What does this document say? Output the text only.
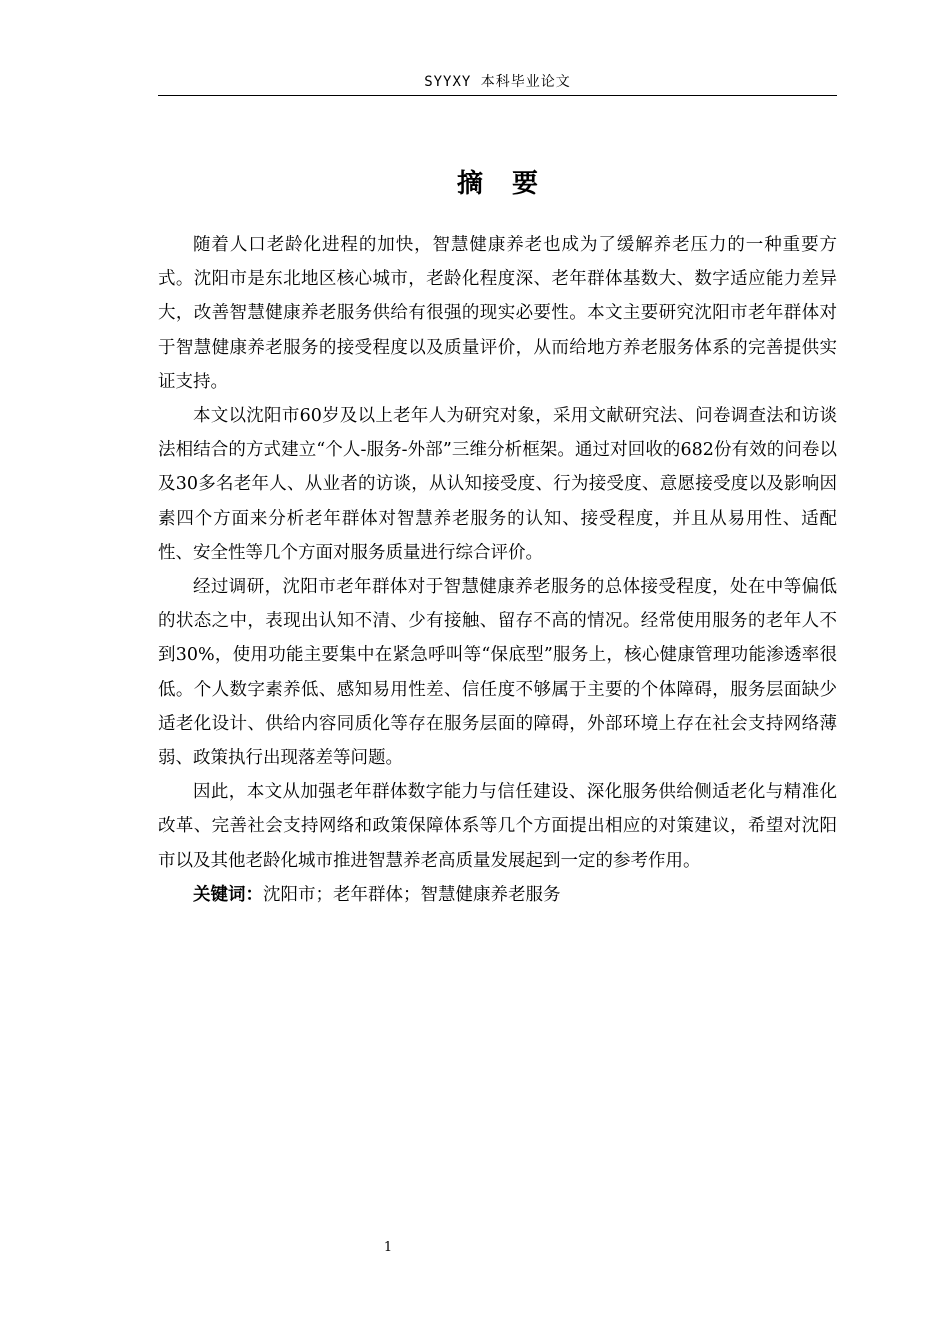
SYYXY 本科毕业论文
摘 要

随着人口老龄化进程的加快，智慧健康养老也成为了缓解养老压力的一种重要方式。沈阳市是东北地区核心城市，老龄化程度深、老年群体基数大、数字适应能力差异大，改善智慧健康养老服务供给有很强的现实必要性。本文主要研究沈阳市老年群体对于智慧健康养老服务的接受程度以及质量评价，从而给地方养老服务体系的完善提供实证支持。

本文以沈阳市60岁及以上老年人为研究对象，采用文献研究法、问卷调查法和访谈法相结合的方式建立“个人-服务-外部”三维分析框架。通过对回收的682份有效的问卷以及30多名老年人、从业者的访谈，从认知接受度、行为接受度、意愿接受度以及影响因素四个方面来分析老年群体对智慧养老服务的认知、接受程度，并且从易用性、适配性、安全性等几个方面对服务质量进行综合评价。

经过调研，沈阳市老年群体对于智慧健康养老服务的总体接受程度，处在中等偏低的状态之中，表现出认知不清、少有接触、留存不高的情况。经常使用服务的老年人不到30%，使用功能主要集中在紧急呼叫等“保底型”服务上，核心健康管理功能渗透率很低。个人数字素养低、感知易用性差、信任度不够属于主要的个体障碍，服务层面缺少适老化设计、供给内容同质化等存在服务层面的障碍，外部环境上存在社会支持网络薄弱、政策执行出现落差等问题。

因此，本文从加强老年群体数字能力与信任建设、深化服务供给侧适老化与精准化改革、完善社会支持网络和政策保障体系等几个方面提出相应的对策建议，希望对沈阳市以及其他老龄化城市推进智慧养老高质量发展起到一定的参考作用。

关键词：沈阳市；老年群体；智慧健康养老服务

1
